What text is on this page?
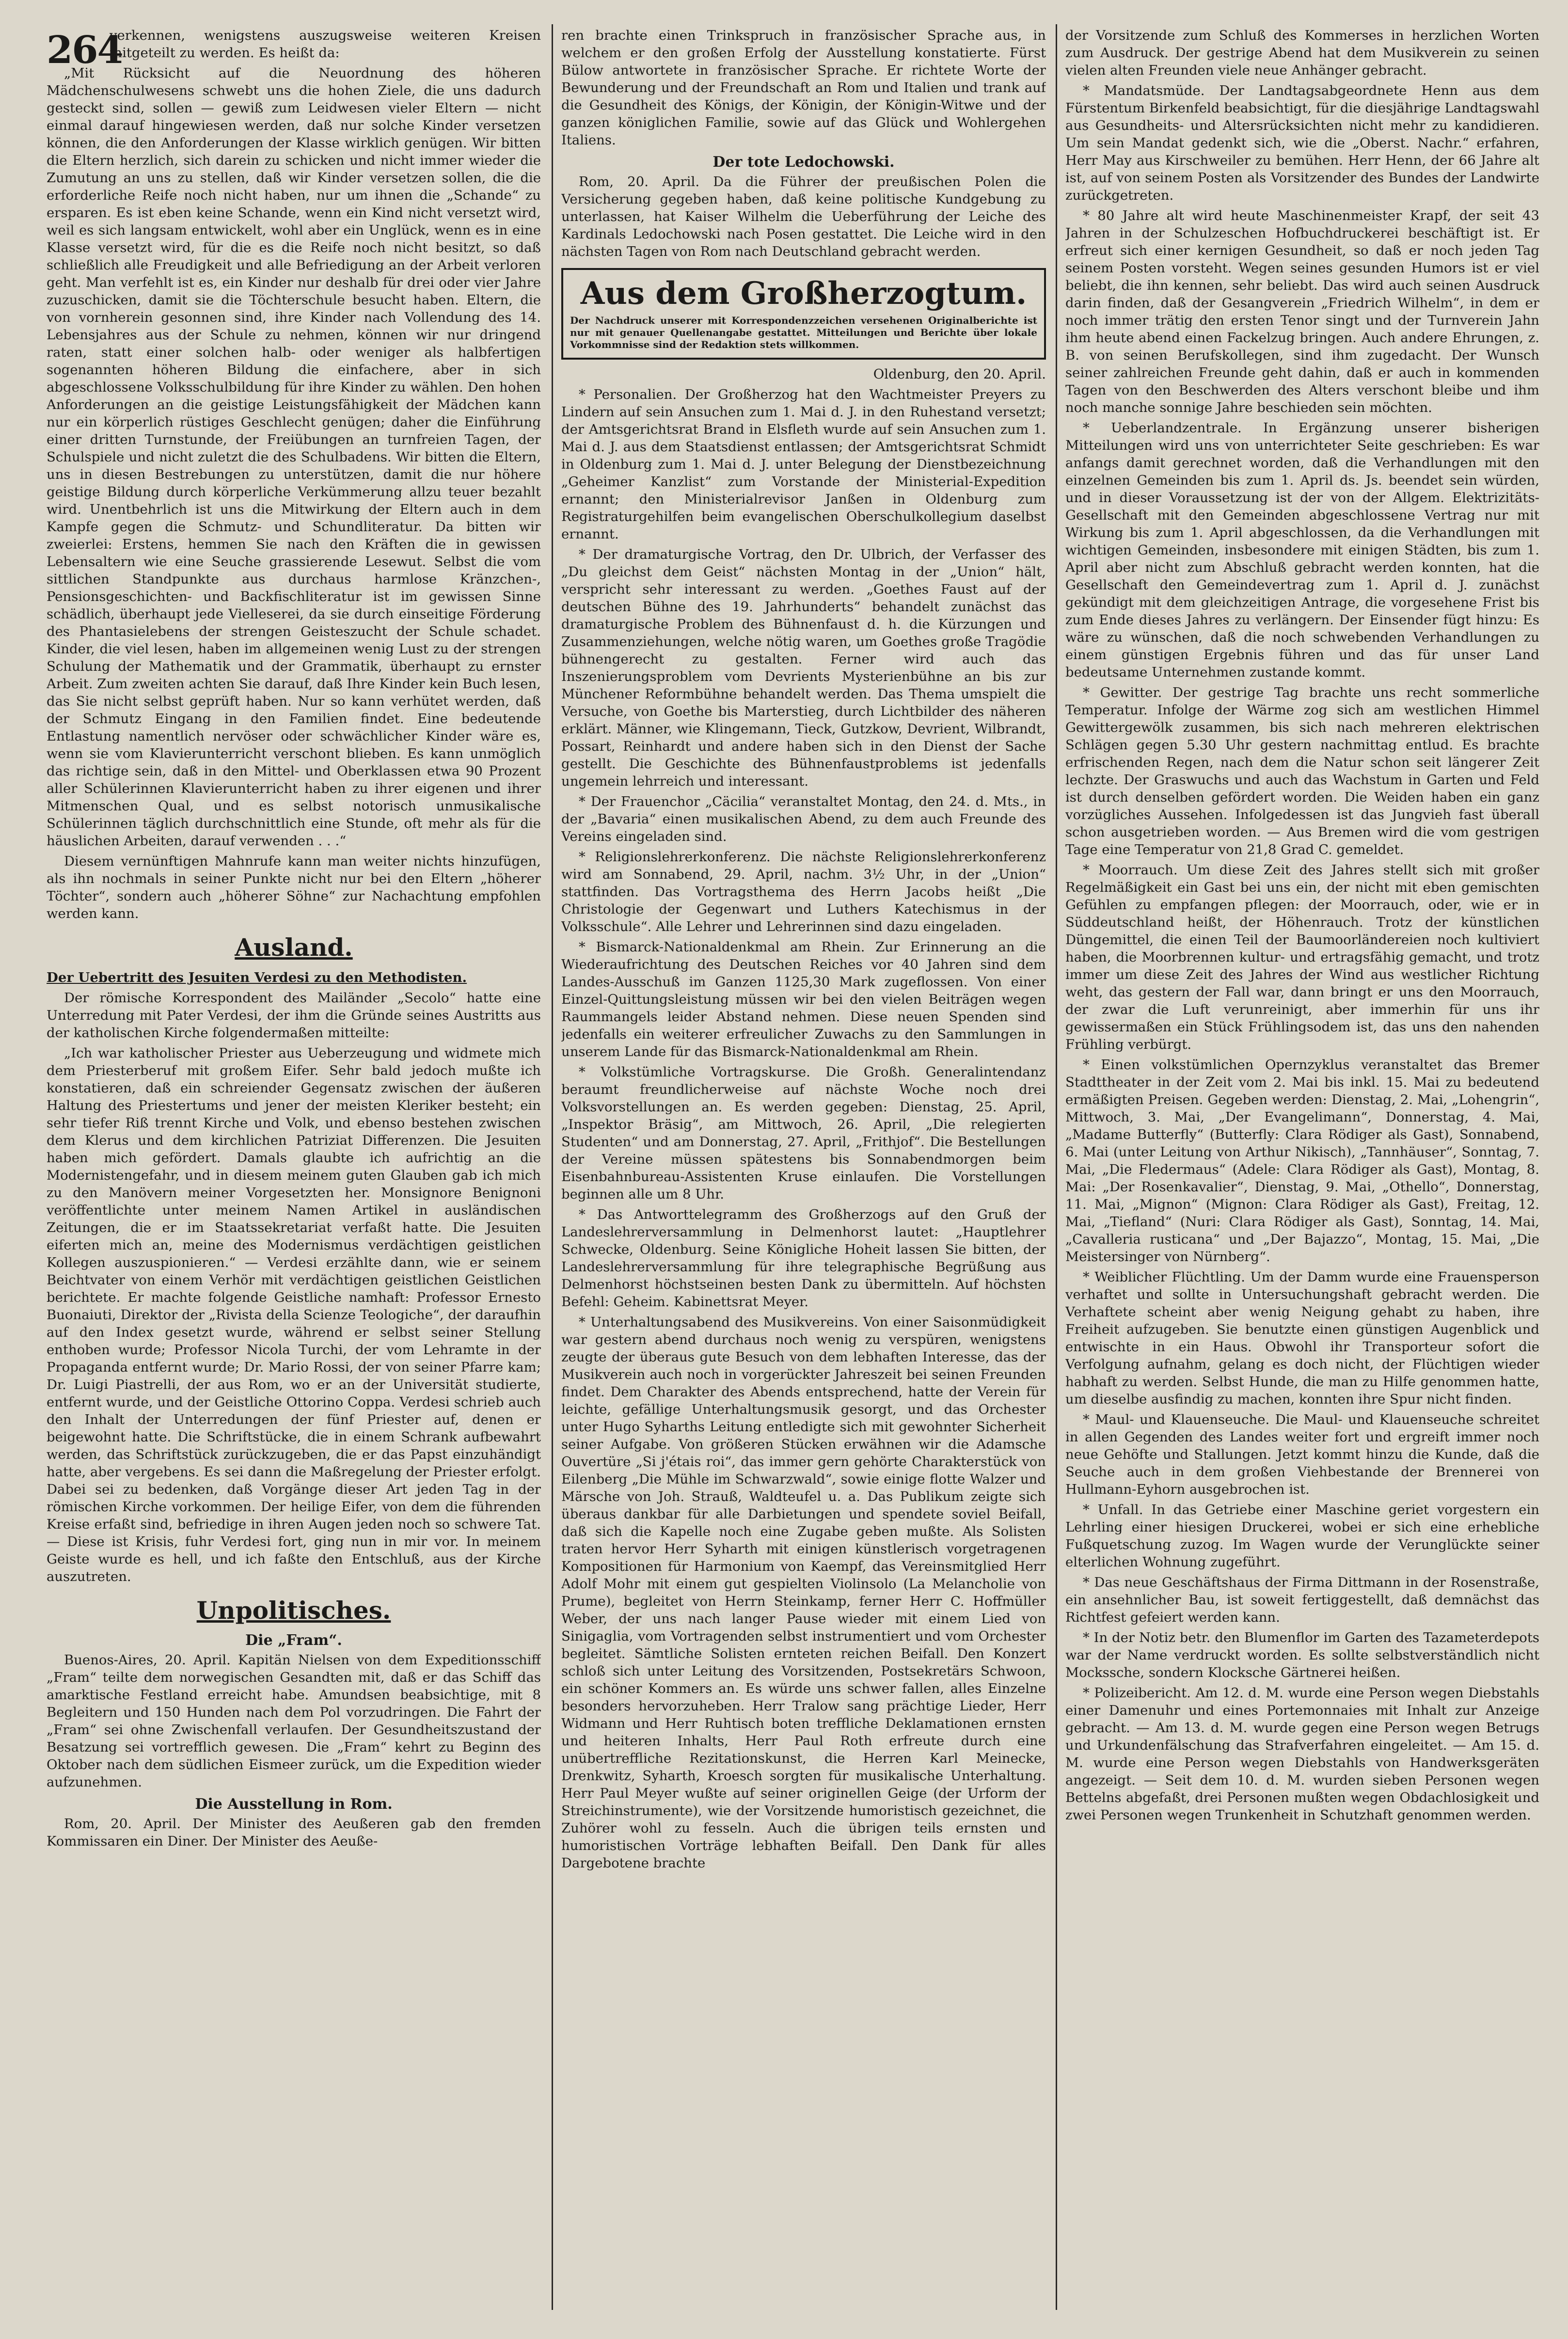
264

verkennen, wenigstens auszugsweise weiteren Kreisen mitgeteilt zu werden. Es heißt da:

„Mit Rücksicht auf die Neuordnung des höheren Mädchenschulwesens schwebt uns die hohen Ziele, die uns dadurch gesteckt sind, sollen — gewiß zum Leidwesen vieler Eltern — nicht einmal darauf hingewiesen werden, daß nur solche Kinder versetzen können, die den Anforderungen der Klasse wirklich genügen. Wir bitten die Eltern herzlich, sich darein zu schicken und nicht immer wieder die Zumutung an uns zu stellen, daß wir Kinder versetzen sollen, die die erforderliche Reife noch nicht haben, nur um ihnen die „Schande“ zu ersparen. Es ist eben keine Schande, wenn ein Kind nicht versetzt wird, weil es sich langsam entwickelt, wohl aber ein Unglück, wenn es in eine Klasse versetzt wird, für die es die Reife noch nicht besitzt, so daß schließlich alle Freudigkeit und alle Befriedigung an der Arbeit verloren geht. Man verfehlt ist es, ein Kinder nur deshalb für drei oder vier Jahre zuzuschicken, damit sie die Töchterschule besucht haben. Eltern, die von vornherein gesonnen sind, ihre Kinder nach Vollendung des 14. Lebensjahres aus der Schule zu nehmen, können wir nur dringend raten, statt einer solchen halb- oder weniger als halbfertigen sogenannten höheren Bildung die einfachere, aber in sich abgeschlossene Volksschulbildung für ihre Kinder zu wählen. Den hohen Anforderungen an die geistige Leistungsfähigkeit der Mädchen kann nur ein körperlich rüstiges Geschlecht genügen; daher die Einführung einer dritten Turnstunde, der Freiübungen an turnfreien Tagen, der Schulspiele und nicht zuletzt die des Schulbadens. Wir bitten die Eltern, uns in diesen Bestrebungen zu unterstützen, damit die nur höhere geistige Bildung durch körperliche Verkümmerung allzu teuer bezahlt wird. Unentbehrlich ist uns die Mitwirkung der Eltern auch in dem Kampfe gegen die Schmutz- und Schundliteratur. Da bitten wir zweierlei: Erstens, hemmen Sie nach den Kräften die in gewissen Lebensaltern wie eine Seuche grassierende Lesewut. Selbst die vom sittlichen Standpunkte aus durchaus harmlose Kränzchen-, Pensionsgeschichten- und Backfischliteratur ist im gewissen Sinne schädlich, überhaupt jede Vielleserei, da sie durch einseitige Förderung des Phantasielebens der strengen Geisteszucht der Schule schadet. Kinder, die viel lesen, haben im allgemeinen wenig Lust zu der strengen Schulung der Mathematik und der Grammatik, überhaupt zu ernster Arbeit. Zum zweiten achten Sie darauf, daß Ihre Kinder kein Buch lesen, das Sie nicht selbst geprüft haben. Nur so kann verhütet werden, daß der Schmutz Eingang in den Familien findet. Eine bedeutende Entlastung namentlich nervöser oder schwächlicher Kinder wäre es, wenn sie vom Klavierunterricht verschont blieben. Es kann unmöglich das richtige sein, daß in den Mittel- und Oberklassen etwa 90 Prozent aller Schülerinnen Klavierunterricht haben zu ihrer eigenen und ihrer Mitmenschen Qual, und es selbst notorisch unmusikalische Schülerinnen täglich durchschnittlich eine Stunde, oft mehr als für die häuslichen Arbeiten, darauf verwenden . . .“

Diesem vernünftigen Mahnrufe kann man weiter nichts hinzufügen, als ihn nochmals in seiner Punkte nicht nur bei den Eltern „höherer Töchter“, sondern auch „höherer Söhne“ zur Nachachtung empfohlen werden kann.

Ausland.

Der Uebertritt des Jesuiten Verdesi zu den Methodisten.

Der römische Korrespondent des Mailänder „Secolo“ hatte eine Unterredung mit Pater Verdesi, der ihm die Gründe seines Austritts aus der katholischen Kirche folgendermaßen mitteilte:

„Ich war katholischer Priester aus Ueberzeugung und widmete mich dem Priesterberuf mit großem Eifer. Sehr bald jedoch mußte ich konstatieren, daß ein schreiender Gegensatz zwischen der äußeren Haltung des Priestertums und jener der meisten Kleriker besteht; ein sehr tiefer Riß trennt Kirche und Volk, und ebenso bestehen zwischen dem Klerus und dem kirchlichen Patriziat Differenzen. Die Jesuiten haben mich gefördert. Damals glaubte ich aufrichtig an die Modernistengefahr, und in diesem meinem guten Glauben gab ich mich zu den Manövern meiner Vorgesetzten her. Monsignore Benignoni veröffentlichte unter meinem Namen Artikel in ausländischen Zeitungen, die er im Staatssekretariat verfaßt hatte. Die Jesuiten eiferten mich an, meine des Modernismus verdächtigen geistlichen Kollegen auszuspionieren.“ — Verdesi erzählte dann, wie er seinem Beichtvater von einem Verhör mit verdächtigen geistlichen Geistlichen berichtete. Er machte folgende Geistliche namhaft: Professor Ernesto Buonaiuti, Direktor der „Rivista della Scienze Teologiche“, der daraufhin auf den Index gesetzt wurde, während er selbst seiner Stellung enthoben wurde; Professor Nicola Turchi, der vom Lehramte in der Propaganda entfernt wurde; Dr. Mario Rossi, der von seiner Pfarre kam; Dr. Luigi Piastrelli, der aus Rom, wo er an der Universität studierte, entfernt wurde, und der Geistliche Ottorino Coppa. Verdesi schrieb auch den Inhalt der Unterredungen der fünf Priester auf, denen er beigewohnt hatte. Die Schriftstücke, die in einem Schrank aufbewahrt werden, das Schriftstück zurückzugeben, die er das Papst einzuhändigt hatte, aber vergebens. Es sei dann die Maßregelung der Priester erfolgt. Dabei sei zu bedenken, daß Vorgänge dieser Art jeden Tag in der römischen Kirche vorkommen. Der heilige Eifer, von dem die führenden Kreise erfaßt sind, befriedige in ihren Augen jeden noch so schwere Tat. — Diese ist Krisis, fuhr Verdesi fort, ging nun in mir vor. In meinem Geiste wurde es hell, und ich faßte den Entschluß, aus der Kirche auszutreten.

Unpolitisches.
Die „Fram“.

Buenos-Aires, 20. April. Kapitän Nielsen von dem Expeditionsschiff „Fram“ teilte dem norwegischen Gesandten mit, daß er das Schiff das amarktische Festland erreicht habe. Amundsen beabsichtige, mit 8 Begleitern und 150 Hunden nach dem Pol vorzudringen. Die Fahrt der „Fram“ sei ohne Zwischenfall verlaufen. Der Gesundheitszustand der Besatzung sei vortrefflich gewesen. Die „Fram“ kehrt zu Beginn des Oktober nach dem südlichen Eismeer zurück, um die Expedition wieder aufzunehmen.

Die Ausstellung in Rom.

Rom, 20. April. Der Minister des Aeußeren gab den fremden Kommissaren ein Diner. Der Minister des Aeuße-

ren brachte einen Trinkspruch in französischer Sprache aus, in welchem er den großen Erfolg der Ausstellung konstatierte. Fürst Bülow antwortete in französischer Sprache. Er richtete Worte der Bewunderung und der Freundschaft an Rom und Italien und trank auf die Gesundheit des Königs, der Königin, der Königin-Witwe und der ganzen königlichen Familie, sowie auf das Glück und Wohlergehen Italiens.

Der tote Ledochowski.

Rom, 20. April. Da die Führer der preußischen Polen die Versicherung gegeben haben, daß keine politische Kundgebung zu unterlassen, hat Kaiser Wilhelm die Ueberführung der Leiche des Kardinals Ledochowski nach Posen gestattet. Die Leiche wird in den nächsten Tagen von Rom nach Deutschland gebracht werden.

Aus dem Großherzogtum.

Der Nachdruck unserer mit Korrespondenzzeichen versehenen Originalberichte ist nur mit genauer Quellenangabe gestattet. Mitteilungen und Berichte über lokale Vorkommnisse sind der Redaktion stets willkommen.

Oldenburg, den 20. April.

* Personalien. Der Großherzog hat den Wachtmeister Preyers zu Lindern auf sein Ansuchen zum 1. Mai d. J. in den Ruhestand versetzt; der Amtsgerichtsrat Brand in Elsfleth wurde auf sein Ansuchen zum 1. Mai d. J. aus dem Staatsdienst entlassen; der Amtsgerichtsrat Schmidt in Oldenburg zum 1. Mai d. J. unter Belegung der Dienstbezeichnung „Geheimer Kanzlist“ zum Vorstande der Ministerial-Expedition ernannt; den Ministerialrevisor Janßen in Oldenburg zum Registraturgehilfen beim evangelischen Oberschulkollegium daselbst ernannt.

* Der dramaturgische Vortrag, den Dr. Ulbrich, der Verfasser des „Du gleichst dem Geist“ nächsten Montag in der „Union“ hält, verspricht sehr interessant zu werden. „Goethes Faust auf der deutschen Bühne des 19. Jahrhunderts“ behandelt zunächst das dramaturgische Problem des Bühnenfaust d. h. die Kürzungen und Zusammenziehungen, welche nötig waren, um Goethes große Tragödie bühnengerecht zu gestalten. Ferner wird auch das Inszenierungsproblem vom Devrients Mysterienbühne an bis zur Münchener Reformbühne behandelt werden. Das Thema umspielt die Versuche, von Goethe bis Marterstieg, durch Lichtbilder des näheren erklärt. Männer, wie Klingemann, Tieck, Gutzkow, Devrient, Wilbrandt, Possart, Reinhardt und andere haben sich in den Dienst der Sache gestellt. Die Geschichte des Bühnenfaustproblems ist jedenfalls ungemein lehrreich und interessant.

* Der Frauenchor „Cäcilia“ veranstaltet Montag, den 24. d. Mts., in der „Bavaria“ einen musikalischen Abend, zu dem auch Freunde des Vereins eingeladen sind.

* Religionslehrerkonferenz. Die nächste Religionslehrerkonferenz wird am Sonnabend, 29. April, nachm. 3½ Uhr, in der „Union“ stattfinden. Das Vortragsthema des Herrn Jacobs heißt „Die Christologie der Gegenwart und Luthers Katechismus in der Volksschule“. Alle Lehrer und Lehrerinnen sind dazu eingeladen.

* Bismarck-Nationaldenkmal am Rhein. Zur Erinnerung an die Wiederaufrichtung des Deutschen Reiches vor 40 Jahren sind dem Landes-Ausschuß im Ganzen 1125,30 Mark zugeflossen. Von einer Einzel-Quittungsleistung müssen wir bei den vielen Beiträgen wegen Raummangels leider Abstand nehmen. Diese neuen Spenden sind jedenfalls ein weiterer erfreulicher Zuwachs zu den Sammlungen in unserem Lande für das Bismarck-Nationaldenkmal am Rhein.

* Volkstümliche Vortragskurse. Die Großh. Generalintendanz beraumt freundlicherweise auf nächste Woche noch drei Volksvorstellungen an. Es werden gegeben: Dienstag, 25. April, „Inspektor Bräsig“, am Mittwoch, 26. April, „Die relegierten Studenten“ und am Donnerstag, 27. April, „Frithjof“. Die Bestellungen der Vereine müssen spätestens bis Sonnabendmorgen beim Eisenbahnbureau-Assistenten Kruse einlaufen. Die Vorstellungen beginnen alle um 8 Uhr.

* Das Antworttelegramm des Großherzogs auf den Gruß der Landeslehrerversammlung in Delmenhorst lautet: „Hauptlehrer Schwecke, Oldenburg. Seine Königliche Hoheit lassen Sie bitten, der Landeslehrerversammlung für ihre telegraphische Begrüßung aus Delmenhorst höchstseinen besten Dank zu übermitteln. Auf höchsten Befehl: Geheim. Kabinettsrat Meyer.

* Unterhaltungsabend des Musikvereins. Von einer Saisonmüdigkeit war gestern abend durchaus noch wenig zu verspüren, wenigstens zeugte der überaus gute Besuch von dem lebhaften Interesse, das der Musikverein auch noch in vorgerückter Jahreszeit bei seinen Freunden findet. Dem Charakter des Abends entsprechend, hatte der Verein für leichte, gefällige Unterhaltungsmusik gesorgt, und das Orchester unter Hugo Syharths Leitung entledigte sich mit gewohnter Sicherheit seiner Aufgabe. Von größeren Stücken erwähnen wir die Adamsche Ouvertüre „Si j'étais roi“, das immer gern gehörte Charakterstück von Eilenberg „Die Mühle im Schwarzwald“, sowie einige flotte Walzer und Märsche von Joh. Strauß, Waldteufel u. a. Das Publikum zeigte sich überaus dankbar für alle Darbietungen und spendete soviel Beifall, daß sich die Kapelle noch eine Zugabe geben mußte. Als Solisten traten hervor Herr Syharth mit einigen künstlerisch vorgetragenen Kompositionen für Harmonium von Kaempf, das Vereinsmitglied Herr Adolf Mohr mit einem gut gespielten Violinsolo (La Melancholie von Prume), begleitet von Herrn Steinkamp, ferner Herr C. Hoffmüller Weber, der uns nach langer Pause wieder mit einem Lied von Sinigaglia, vom Vortragenden selbst instrumentiert und vom Orchester begleitet. Sämtliche Solisten ernteten reichen Beifall. Den Konzert schloß sich unter Leitung des Vorsitzenden, Postsekretärs Schwoon, ein schöner Kommers an. Es würde uns schwer fallen, alles Einzelne besonders hervorzuheben. Herr Tralow sang prächtige Lieder, Herr Widmann und Herr Ruhtisch boten treffliche Deklamationen ernsten und heiteren Inhalts, Herr Paul Roth erfreute durch eine unübertreffliche Rezitationskunst, die Herren Karl Meinecke, Drenkwitz, Syharth, Kroesch sorgten für musikalische Unterhaltung. Herr Paul Meyer wußte auf seiner originellen Geige (der Urform der Streichinstrumente), wie der Vorsitzende humoristisch gezeichnet, die Zuhörer wohl zu fesseln. Auch die übrigen teils ernsten und humoristischen Vorträge lebhaften Beifall. Den Dank für alles Dargebotene brachte

der Vorsitzende zum Schluß des Kommerses in herzlichen Worten zum Ausdruck. Der gestrige Abend hat dem Musikverein zu seinen vielen alten Freunden viele neue Anhänger gebracht.

* Mandatsmüde. Der Landtagsabgeordnete Henn aus dem Fürstentum Birkenfeld beabsichtigt, für die diesjährige Landtagswahl aus Gesundheits- und Altersrücksichten nicht mehr zu kandidieren. Um sein Mandat gedenkt sich, wie die „Oberst. Nachr.“ erfahren, Herr May aus Kirschweiler zu bemühen. Herr Henn, der 66 Jahre alt ist, auf von seinem Posten als Vorsitzender des Bundes der Landwirte zurückgetreten.

* 80 Jahre alt wird heute Maschinenmeister Krapf, der seit 43 Jahren in der Schulzeschen Hofbuchdruckerei beschäftigt ist. Er erfreut sich einer kernigen Gesundheit, so daß er noch jeden Tag seinem Posten vorsteht. Wegen seines gesunden Humors ist er viel beliebt, die ihn kennen, sehr beliebt. Das wird auch seinen Ausdruck darin finden, daß der Gesangverein „Friedrich Wilhelm“, in dem er noch immer trätig den ersten Tenor singt und der Turnverein Jahn ihm heute abend einen Fackelzug bringen. Auch andere Ehrungen, z. B. von seinen Berufskollegen, sind ihm zugedacht. Der Wunsch seiner zahlreichen Freunde geht dahin, daß er auch in kommenden Tagen von den Beschwerden des Alters verschont bleibe und ihm noch manche sonnige Jahre beschieden sein möchten.

* Ueberlandzentrale. In Ergänzung unserer bisherigen Mitteilungen wird uns von unterrichteter Seite geschrieben: Es war anfangs damit gerechnet worden, daß die Verhandlungen mit den einzelnen Gemeinden bis zum 1. April ds. Js. beendet sein würden, und in dieser Voraussetzung ist der von der Allgem. Elektrizitäts-Gesellschaft mit den Gemeinden abgeschlossene Vertrag nur mit Wirkung bis zum 1. April abgeschlossen, da die Verhandlungen mit wichtigen Gemeinden, insbesondere mit einigen Städten, bis zum 1. April aber nicht zum Abschluß gebracht werden konnten, hat die Gesellschaft den Gemeindevertrag zum 1. April d. J. zunächst gekündigt mit dem gleichzeitigen Antrage, die vorgesehene Frist bis zum Ende dieses Jahres zu verlängern. Der Einsender fügt hinzu: Es wäre zu wünschen, daß die noch schwebenden Verhandlungen zu einem günstigen Ergebnis führen und das für unser Land bedeutsame Unternehmen zustande kommt.

* Gewitter. Der gestrige Tag brachte uns recht sommerliche Temperatur. Infolge der Wärme zog sich am westlichen Himmel Gewittergewölk zusammen, bis sich nach mehreren elektrischen Schlägen gegen 5.30 Uhr gestern nachmittag entlud. Es brachte erfrischenden Regen, nach dem die Natur schon seit längerer Zeit lechzte. Der Graswuchs und auch das Wachstum in Garten und Feld ist durch denselben gefördert worden. Die Weiden haben ein ganz vorzügliches Aussehen. Infolgedessen ist das Jungvieh fast überall schon ausgetrieben worden. — Aus Bremen wird die vom gestrigen Tage eine Temperatur von 21,8 Grad C. gemeldet.

* Moorrauch. Um diese Zeit des Jahres stellt sich mit großer Regelmäßigkeit ein Gast bei uns ein, der nicht mit eben gemischten Gefühlen zu empfangen pflegen: der Moorrauch, oder, wie er in Süddeutschland heißt, der Höhenrauch. Trotz der künstlichen Düngemittel, die einen Teil der Baumoorländereien noch kultiviert haben, die Moorbrennen kultur- und ertragsfähig gemacht, und trotz immer um diese Zeit des Jahres der Wind aus westlicher Richtung weht, das gestern der Fall war, dann bringt er uns den Moorrauch, der zwar die Luft verunreinigt, aber immerhin für uns ihr gewissermaßen ein Stück Frühlingsodem ist, das uns den nahenden Frühling verbürgt.

* Einen volkstümlichen Opernzyklus veranstaltet das Bremer Stadttheater in der Zeit vom 2. Mai bis inkl. 15. Mai zu bedeutend ermäßigten Preisen. Gegeben werden: Dienstag, 2. Mai, „Lohengrin“, Mittwoch, 3. Mai, „Der Evangelimann“, Donnerstag, 4. Mai, „Madame Butterfly“ (Butterfly: Clara Rödiger als Gast), Sonnabend, 6. Mai (unter Leitung von Arthur Nikisch), „Tannhäuser“, Sonntag, 7. Mai, „Die Fledermaus“ (Adele: Clara Rödiger als Gast), Montag, 8. Mai: „Der Rosenkavalier“, Dienstag, 9. Mai, „Othello“, Donnerstag, 11. Mai, „Mignon“ (Mignon: Clara Rödiger als Gast), Freitag, 12. Mai, „Tiefland“ (Nuri: Clara Rödiger als Gast), Sonntag, 14. Mai, „Cavalleria rusticana“ und „Der Bajazzo“, Montag, 15. Mai, „Die Meistersinger von Nürnberg“.

* Weiblicher Flüchtling. Um der Damm wurde eine Frauensperson verhaftet und sollte in Untersuchungshaft gebracht werden. Die Verhaftete scheint aber wenig Neigung gehabt zu haben, ihre Freiheit aufzugeben. Sie benutzte einen günstigen Augenblick und entwischte in ein Haus. Obwohl ihr Transporteur sofort die Verfolgung aufnahm, gelang es doch nicht, der Flüchtigen wieder habhaft zu werden. Selbst Hunde, die man zu Hilfe genommen hatte, um dieselbe ausfindig zu machen, konnten ihre Spur nicht finden.

* Maul- und Klauenseuche. Die Maul- und Klauenseuche schreitet in allen Gegenden des Landes weiter fort und ergreift immer noch neue Gehöfte und Stallungen. Jetzt kommt hinzu die Kunde, daß die Seuche auch in dem großen Viehbestande der Brennerei von Hullmann-Eyhorn ausgebrochen ist.

* Unfall. In das Getriebe einer Maschine geriet vorgestern ein Lehrling einer hiesigen Druckerei, wobei er sich eine erhebliche Fußquetschung zuzog. Im Wagen wurde der Verunglückte seiner elterlichen Wohnung zugeführt.

* Das neue Geschäftshaus der Firma Dittmann in der Rosenstraße, ein ansehnlicher Bau, ist soweit fertiggestellt, daß demnächst das Richtfest gefeiert werden kann.

* In der Notiz betr. den Blumenflor im Garten des Tazameterdepots war der Name verdruckt worden. Es sollte selbstverständlich nicht Mockssche, sondern Klocksche Gärtnerei heißen.

* Polizeibericht. Am 12. d. M. wurde eine Person wegen Diebstahls einer Damenuhr und eines Portemonnaies mit Inhalt zur Anzeige gebracht. — Am 13. d. M. wurde gegen eine Person wegen Betrugs und Urkundenfälschung das Strafverfahren eingeleitet. — Am 15. d. M. wurde eine Person wegen Diebstahls von Handwerksgeräten angezeigt. — Seit dem 10. d. M. wurden sieben Personen wegen Bettelns abgefaßt, drei Personen mußten wegen Obdachlosigkeit und zwei Personen wegen Trunkenheit in Schutzhaft genommen werden.
